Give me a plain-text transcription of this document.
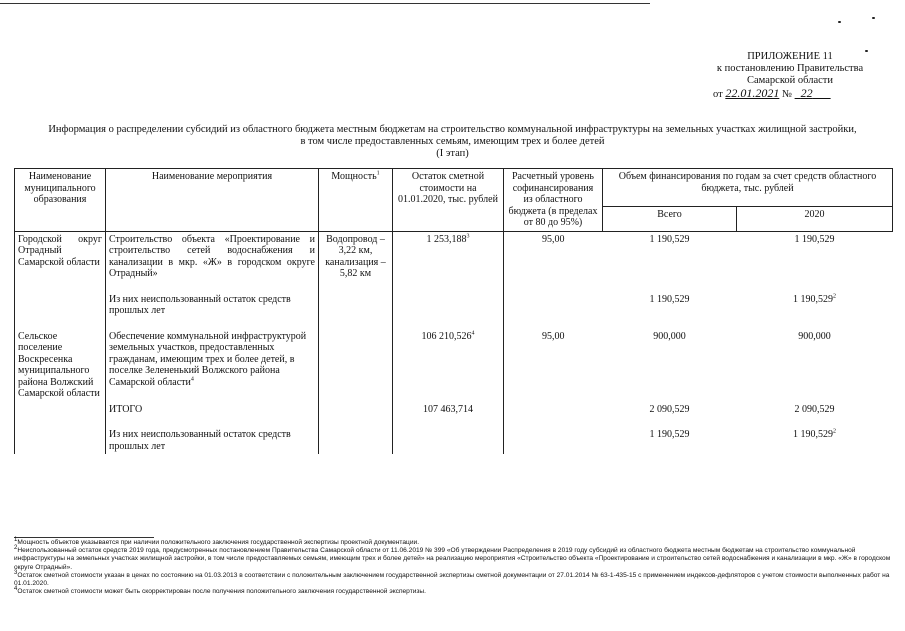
ПРИЛОЖЕНИЕ 11
к постановлению Правительства
Самарской области
от 22.01.2021 № 22
Информация о распределении субсидий из областного бюджета местным бюджетам на строительство коммунальной инфраструктуры на земельных участках жилищной застройки,
в том числе предоставленных семьям, имеющим трех и более детей
(I этап)
Наименование муниципального образования	Наименование мероприятия	Мощность$^1$	Остаток сметной стоимости на 01.01.2020, тыс. рублей	Расчетный уровень софинансирования из областного бюджета (в пределах от 80 до 95%)	Объем финансирования по годам за счет средств областного бюджета, тыс. рублей	
					Всего	2020
Городской округ Отрадный Самарской области	Строительство объекта «Проектирование и строительство сетей водоснабжения и канализации в мкр. «Ж» в городском округе Отрадный»	Водопровод – 3,22 км, канализация – 5,82 км	1 253,188$^3$	95,00	1 190,529	1 190,529

	Из них неиспользованный остаток средств прошлых лет				1 190,529	1 190,529$^2$

Сельское поселение Воскресенка муниципального района Волжский Самарской области	Обеспечение коммунальной инфраструктурой земельных участков, предоставленных гражданам, имеющим трех и более детей, в поселке Зелененький Волжского района Самарской области$^4$		106 210,526$^4$	95,00	900,000	900,000
	ИТОГО		107 463,714		2 090,529	2 090,529

	Из них неиспользованный остаток средств прошлых лет				1 190,529	1 190,529$^2$
$^1$Мощность объектов указывается при наличии положительного заключения государственной экспертизы проектной документации.
$^2$Неиспользованный остаток средств 2019 года, предусмотренных постановлением Правительства Самарской области от 11.06.2019 № 399 «Об утверждении Распределения в 2019 году субсидий из областного бюджета местным бюджетам на строительство коммунальной инфраструктуры на земельных участках жилищной застройки, в том числе предоставляемых семьям, имеющим трех и более детей» на реализацию мероприятия «Строительство объекта «Проектирование и строительство сетей водоснабжения и канализации в мкр. «Ж» в городском округе Отрадный».
$^3$Остаток сметной стоимости указан в ценах по состоянию на 01.03.2013 в соответствии с положительным заключением государственной экспертизы сметной документации от 27.01.2014 № 63-1-435-15 с применением индексов-дефляторов с учетом стоимости выполненных работ на 01.01.2020.
$^4$Остаток сметной стоимости может быть скорректирован после получения положительного заключения государственной экспертизы.
